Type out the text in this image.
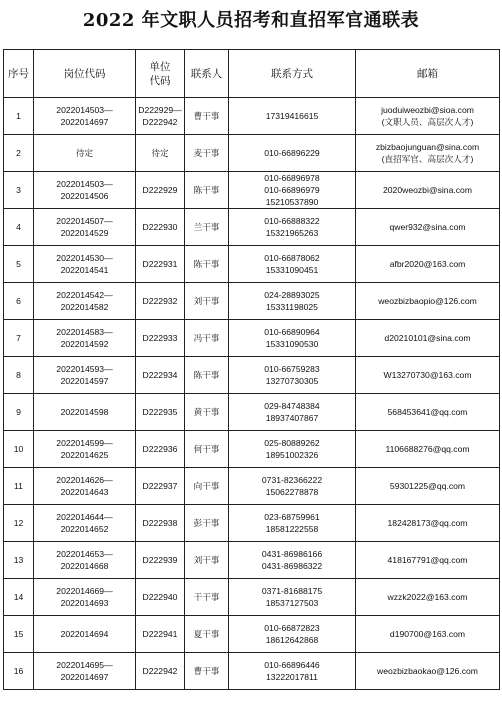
2022 年文职人员招考和直招军官通联表
序号	岗位代码	单位
代码	联系人	联系方式	邮箱
1	2022014503—
2022014697	D222929—
D222942	曹干事	17319416615	juoduiweozbi@sioa.com
(文职人员、高层次人才)
2	待定	待定	麦干事	010-66896229	zbizbaojunguan@sina.com
(直招军官、高层次人才)
3	2022014503—
2022014506	D222929	陈干事	010-66896978
010-66896979
15210537890	2020weozbi@sina.com
4	2022014507—
2022014529	D222930	兰干事	010-66888322
15321965263	qwer932@sina.com
5	2022014530—
2022014541	D222931	陈干事	010-66878062
15331090451	afbr2020@163.com
6	2022014542—
2022014582	D222932	刘干事	024-28893025
15331198025	weozbizbaopio@126.com
7	2022014583—
2022014592	D222933	冯干事	010-66890964
15331090530	d20210101@sina.com
8	2022014593—
2022014597	D222934	陈干事	010-66759283
13270730305	W13270730@163.com
9	2022014598	D222935	黄干事	029-84748384
18937407867	568453641@qq.com
10	2022014599—
2022014625	D222936	何干事	025-80889262
18951002326	1106688276@qq.com
11	2022014626—
2022014643	D222937	向干事	0731-82366222
15062278878	59301225@qq.com
12	2022014644—
2022014652	D222938	彭干事	023-68759961
18581222558	182428173@qq.com
13	2022014653—
2022014668	D222939	刘干事	0431-86986166
0431-86986322	418167791@qq.com
14	2022014669—
2022014693	D222940	干干事	0371-81688175
18537127503	wzzk2022@163.com
15	2022014694	D222941	夏干事	010-66872823
18612642868	d190700@163.com
16	2022014695—
2022014697	D222942	曹干事	010-66896446
13222017811	weozbizbaokao@126.com
